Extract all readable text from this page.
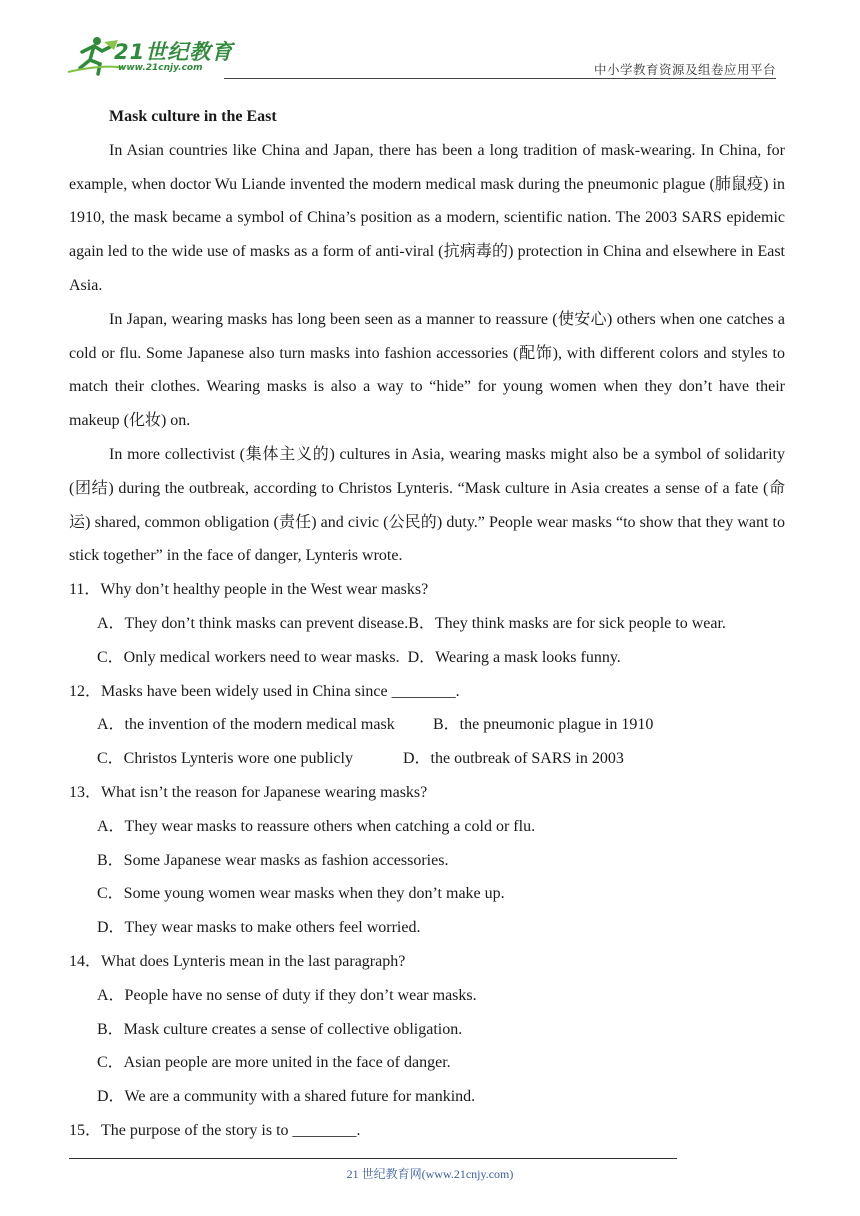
21世纪教育
www.21cnjy.com	中小学教育资源及组卷应用平台

Mask culture in the East

In Asian countries like China and Japan, there has been a long tradition of mask-wearing. In China, for example, when doctor Wu Liande invented the modern medical mask during the pneumonic plague (肺鼠疫) in 1910, the mask became a symbol of China’s position as a modern, scientific nation. The 2003 SARS epidemic again led to the wide use of masks as a form of anti-viral (抗病毒的) protection in China and elsewhere in East Asia.

In Japan, wearing masks has long been seen as a manner to reassure (使安心) others when one catches a cold or flu. Some Japanese also turn masks into fashion accessories (配饰), with different colors and styles to match their clothes. Wearing masks is also a way to “hide” for young women when they don’t have their makeup (化妆) on.

In more collectivist (集体主义的) cultures in Asia, wearing masks might also be a symbol of solidarity (团结) during the outbreak, according to Christos Lynteris. “Mask culture in Asia creates a sense of a fate (命运) shared, common obligation (责任) and civic (公民的) duty.” People wear masks “to show that they want to stick together” in the face of danger, Lynteris wrote.

11．Why don’t healthy people in the West wear masks?

A．They don’t think masks can prevent disease.B．They think masks are for sick people to wear.

C．Only medical workers need to wear masks. D．Wearing a mask looks funny.

12．Masks have been widely used in China since ________.

A．the invention of the modern medical mask B．the pneumonic plague in 1910

C．Christos Lynteris wore one publicly	D．the outbreak of SARS in 2003

13．What isn’t the reason for Japanese wearing masks?

A．They wear masks to reassure others when catching a cold or flu.

B．Some Japanese wear masks as fashion accessories.

C．Some young women wear masks when they don’t make up.

D．They wear masks to make others feel worried.

14．What does Lynteris mean in the last paragraph?

A．People have no sense of duty if they don’t wear masks.

B．Mask culture creates a sense of collective obligation.

C．Asian people are more united in the face of danger.

D．We are a community with a shared future for mankind.

15．The purpose of the story is to ________.

21 世纪教育网(www.21cnjy.com)
